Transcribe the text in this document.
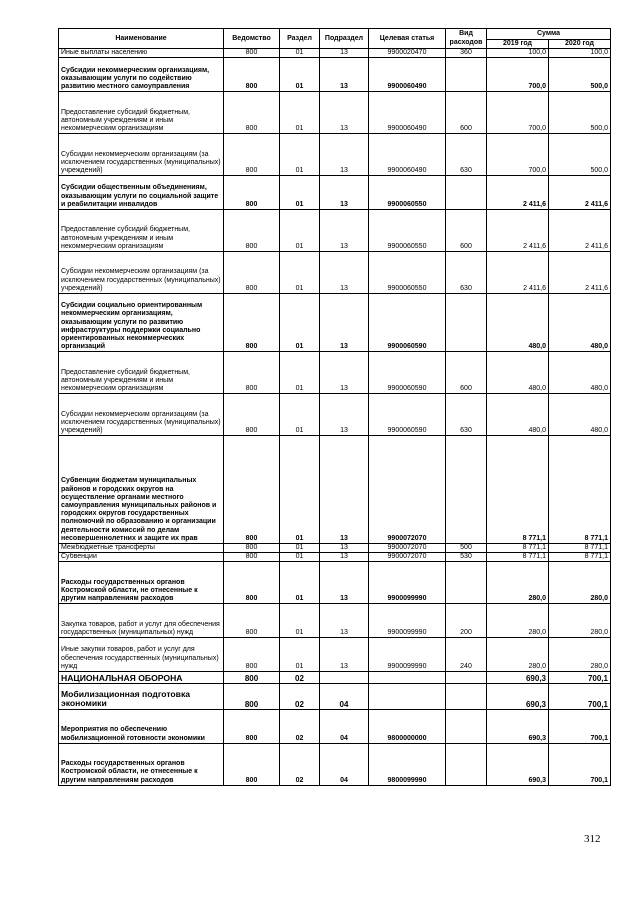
Наименование	Ведомство	Раздел	Подраздел	Целевая статья	Вид расходов	Сумма	
						2019 год	2020 год
Иные выплаты населению	800	01	13	9900020470	360	100,0	100,0
Субсидии некоммерческим организациям, оказывающим услуги по содействию развитию местного самоуправления	800	01	13	9900060490		700,0	500,0
Предоставление субсидий бюджетным, автономным учреждениям и иным некоммерческим организациям	800	01	13	9900060490	600	700,0	500,0
Субсидии некоммерческим организациям (за исключением государственных (муниципальных) учреждений)	800	01	13	9900060490	630	700,0	500,0
Субсидии общественным объединениям, оказывающим услуги по социальной защите и реабилитации инвалидов	800	01	13	9900060550		2 411,6	2 411,6
Предоставление субсидий бюджетным, автономным учреждениям и иным некоммерческим организациям	800	01	13	9900060550	600	2 411,6	2 411,6
Субсидии некоммерческим организациям (за исключением государственных (муниципальных) учреждений)	800	01	13	9900060550	630	2 411,6	2 411,6
Субсидии социально ориентированным некоммерческим организациям, оказывающим услуги по развитию инфраструктуры поддержки социально ориентированных некоммерческих организаций	800	01	13	9900060590		480,0	480,0
Предоставление субсидий бюджетным, автономным учреждениям и иным некоммерческим организациям	800	01	13	9900060590	600	480,0	480,0
Субсидии некоммерческим организациям (за исключением государственных (муниципальных) учреждений)	800	01	13	9900060590	630	480,0	480,0
Субвенции бюджетам муниципальных районов и городских округов на осуществление органами местного самоуправления муниципальных районов и городских округов государственных полномочий по образованию и организации деятельности комиссий по делам несовершеннолетних и защите их прав	800	01	13	9900072070		8 771,1	8 771,1
Межбюджетные трансферты	800	01	13	9900072070	500	8 771,1	8 771,1
Субвенции	800	01	13	9900072070	530	8 771,1	8 771,1
Расходы государственных органов Костромской области, не отнесенные к другим направлениям расходов	800	01	13	9900099990		280,0	280,0
Закупка товаров, работ и услуг для обеспечения государственных (муниципальных) нужд	800	01	13	9900099990	200	280,0	280,0
Иные закупки товаров, работ и услуг для обеспечения государственных (муниципальных) нужд	800	01	13	9900099990	240	280,0	280,0
НАЦИОНАЛЬНАЯ ОБОРОНА	800	02				690,3	700,1
Мобилизационная подготовка экономики	800	02	04			690,3	700,1
Мероприятия по обеспечению мобилизационной готовности экономики	800	02	04	9800000000		690,3	700,1
Расходы государственных органов Костромской области, не отнесенные к другим направлениям расходов	800	02	04	9800099990		690,3	700,1
312
